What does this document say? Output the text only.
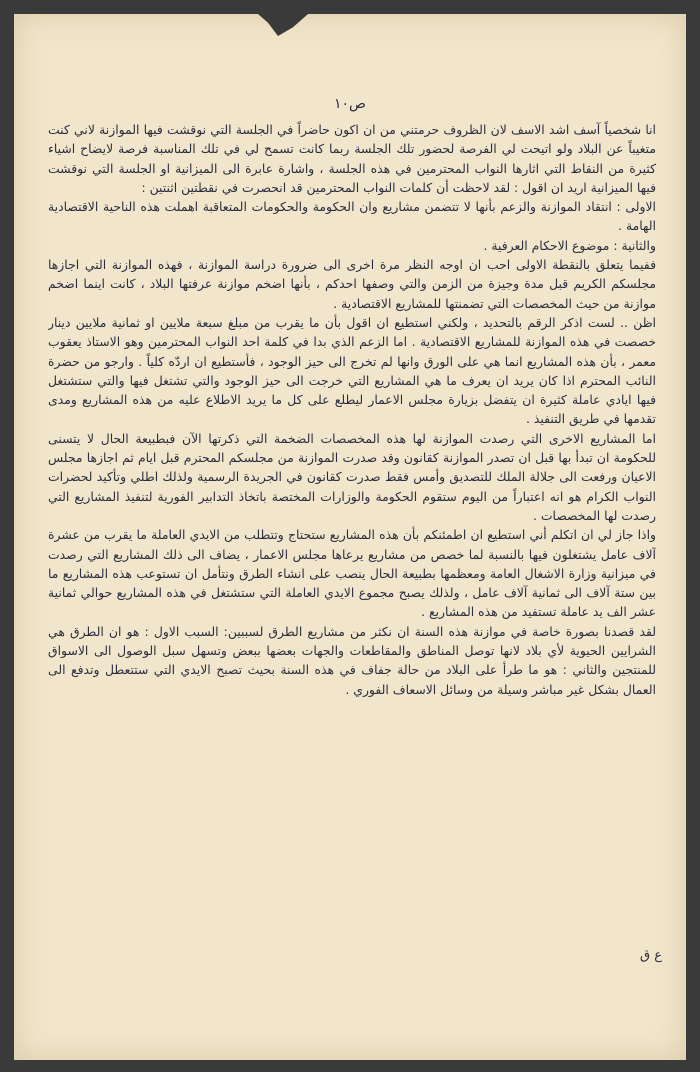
ص١٠

انا شخصياً آسف اشد الاسف لان الظروف حرمتني من ان اكون حاضراً في الجلسة التي نوقشت فيها الموازنة لاني كنت متغيباً عن البلاد ولو اتيحت لي الفرصة لحضور تلك الجلسة ربما كانت تسمح لي في تلك المناسبة فرصة لايضاح اشياء كثيرة من النقاط التي اثارها النواب المحترمين في هذه الجلسة ، واشارة عابرة الى الميزانية او الجلسة التي نوقشت فيها الميزانية اريد ان اقول : لقد لاحظت أن كلمات النواب المحترمين قد انحصرت في نقطتين اثنتين :

الاولى : انتقاد الموازنة والزعم بأنها لا تتضمن مشاريع وان الحكومة والحكومات المتعاقبة اهملت هذه الناحية الاقتصادية الهامة .

والثانية : موضوع الاحكام العرفية .

ففيما يتعلق بالنقطة الاولى احب ان اوجه النظر مرة اخرى الى ضرورة دراسة الموازنة ، فهذه الموازنة التي اجازها مجلسكم الكريم قبل مدة وجيزة من الزمن والتي وصفها احدكم ، بأنها اضخم موازنة عرفتها البلاد ، كانت اينما اضخم موازنة من حيث المخصصات التي تضمنتها للمشاريع الاقتصادية .

اظن .. لست اذكر الرقم بالتحديد ، ولكني استطيع ان اقول بأن ما يقرب من مبلغ سبعة ملايين او ثمانية ملايين دينار خصصت في هذه الموازنة للمشاريع الاقتصادية . اما الزعم الذي بدا في كلمة احد النواب المحترمين وهو الاستاذ يعقوب معمر ، بأن هذه المشاريع انما هي على الورق وانها لم تخرج الى حيز الوجود ، فأستطيع ان اردّه كلياً . وارجو من حضرة النائب المحترم اذا كان يريد ان يعرف ما هي المشاريع التي خرجت الى حيز الوجود والتي تشتغل فيها والتي ستشتغل فيها ايادي عاملة كثيرة ان يتفضل بزيارة مجلس الاعمار ليطلع على كل ما يريد الاطلاع عليه من هذه المشاريع ومدى تقدمها في طريق التنفيذ .

اما المشاريع الاخرى التي رصدت الموازنة لها هذه المخصصات الضخمة التي ذكرتها الآن فبطبيعة الحال لا يتسنى للحكومة ان تبدأ بها قبل ان تصدر الموازنة كقانون وقد صدرت الموازنة من مجلسكم المحترم قبل ايام ثم اجازها مجلس الاعيان ورفعت الى جلالة الملك للتصديق وأمس فقط صدرت كقانون في الجريدة الرسمية ولذلك اطلي وتأكيد لحضرات النواب الكرام هو انه اعتباراً من اليوم ستقوم الحكومة والوزارات المختصة باتخاذ التدابير الفورية لتنفيذ المشاريع التي رصدت لها المخصصات .

واذا جاز لي ان اتكلم أني استطيع ان اطمئنكم بأن هذه المشاريع ستحتاج وتتطلب من الايدي العاملة ما يقرب من عشرة آلاف عامل يشتغلون فيها بالنسبة لما خصص من مشاريع يرعاها مجلس الاعمار ، يضاف الى ذلك المشاريع التي رصدت في ميزانية وزارة الاشغال العامة ومعظمها بطبيعة الحال ينصب على انشاء الطرق ونتأمل ان تستوعب هذه المشاريع ما بين ستة آلاف الى ثمانية آلاف عامل ، ولذلك يصبح مجموع الايدي العاملة التي ستشتغل في هذه المشاريع حوالي ثمانية عشر الف يد عاملة تستفيد من هذه المشاريع .

لقد قصدنا بصورة خاصة في موازنة هذه السنة ان نكثر من مشاريع الطرق لسببين: السبب الاول : هو ان الطرق هي الشرايين الحيوية لأي بلاد لانها توصل المناطق والمقاطعات والجهات بعضها ببعض وتسهل سبل الوصول الى الاسواق للمنتجين والثاني : هو ما طرأ على البلاد من حالة جفاف في هذه السنة بحيث تصبح الايدي التي ستتعطل وتدفع الى العمال بشكل غير مباشر وسيلة من وسائل الاسعاف الفوري .

ع ق
